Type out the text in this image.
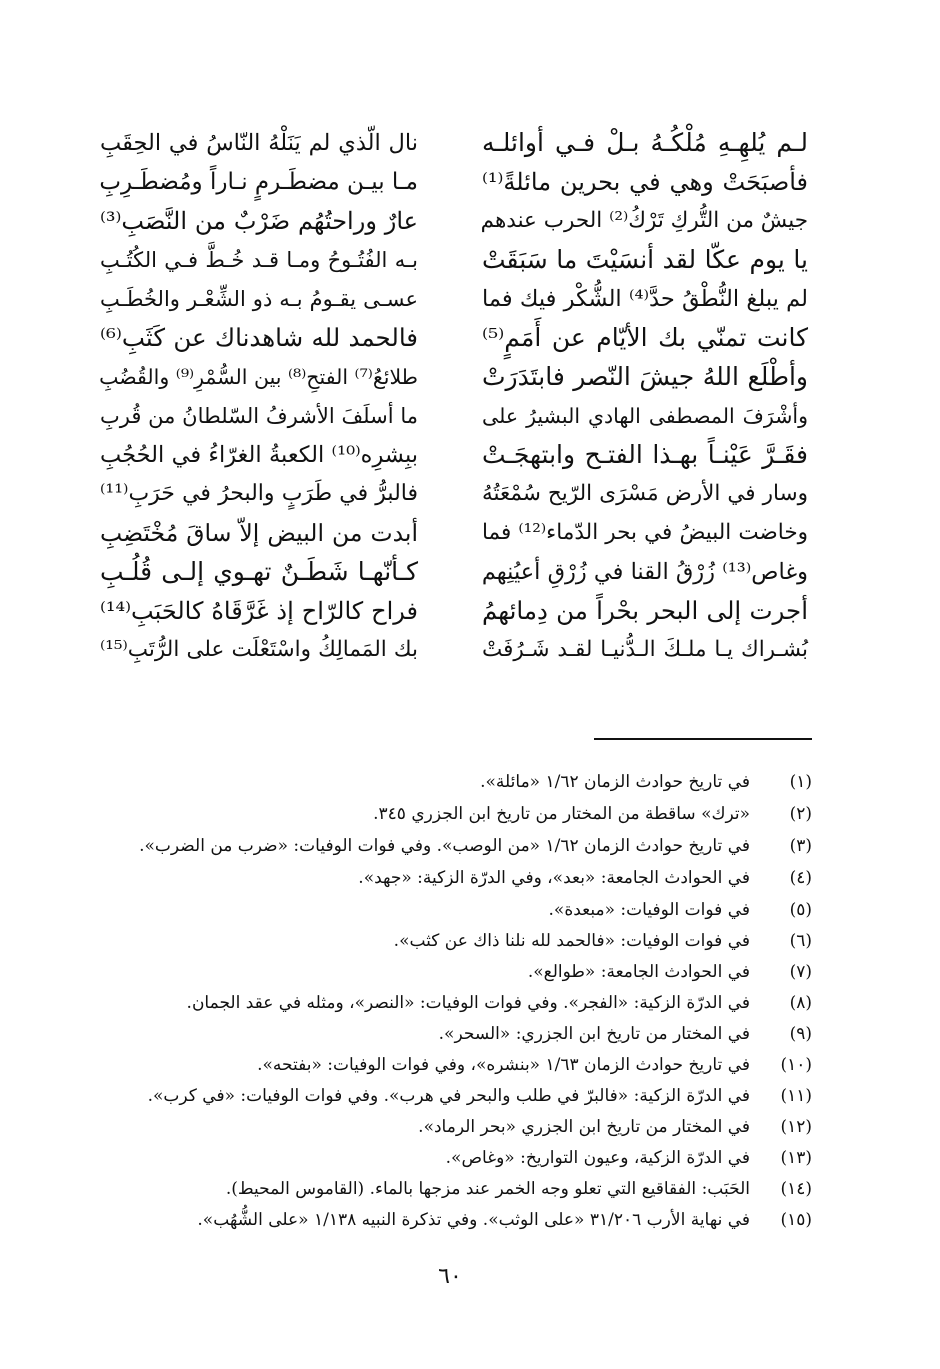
لـم يُلهِـهِ مُلْكُـهُ بـلْ فـي أوائلـه
نال الّذي لم يَنَلْهُ النّاسُ في الحِقَبِ
فأصبَحَتْ وهي في بحرين مائلةً⁽¹⁾
مـا بيـن مضطَـرمٍ نـاراً ومُضطَـرِبِ
جيشٌ من التُّركِ تَرْكُ⁽²⁾ الحرب عندهم
عارٌ وراحتُهُم ضَرْبٌ من النَّصَبِ⁽³⁾
يا يوم عكّا لقد أنسَيْتَ ما سَبَقَتْ
بـه الفُتُـوحُ ومـا قـد خُـطَّ فـي الكُتُـبِ
لم يبلغ النُّطْقُ حدَّ⁽⁴⁾ الشُّكْر فيك فما
عسـى يقـومُ بـه ذو الشِّعْـر والخُطَـبِ
كانت تمنّي بك الأيّام عن أَمَمٍ⁽⁵⁾
فالحمد لله شاهدناك عن كَثَبِ⁽⁶⁾
وأطْلَع اللهُ جيشَ النّصر فابتَدَرَتْ
طلائعُ⁽⁷⁾ الفتحِ⁽⁸⁾ بين السُّمْرِ⁽⁹⁾ والقُضُبِ
وأشْرَفَ المصطفى الهادي البشيرُ على
ما أسلَفَ الأشرفُ السّلطانُ من قُربِ
فقَـرَّ عَيْنـاً بهـذا الفتـح وابتهجَـتْ
ببِشرِه⁽¹⁰⁾ الكعبةُ الغرّاءُ في الحُجُبِ
وسار في الأرض مَسْرَى الرّيح سُمْعَتُهُ
فالبرُّ في طَرَبٍ والبحرُ في حَرَبِ⁽¹¹⁾
وخاضت البيضُ في بحر الدّماء⁽¹²⁾ فما
أبدت من البيض إلاّ ساقَ مُخْتَضِبِ
وغاص⁽¹³⁾ زُرْقُ القنا في زُرْقِ أعيُنِهم
كـأنّهـا شَطَـنٌ تهـوي إلـى قُلُـبِ
أجرت إلى البحر بحْراً من دِمائهمُ
فراح كالرّاح إذ غَرَّقَاهُ كالحَبَبِ⁽¹⁴⁾
بُشـراك يـا ملـكَ الـدُّنيـا لقـد شَـرُفَتْ
بك المَمالِكُ واسْتَعْلَت على الرُّتَبِ⁽¹⁵⁾
(١)في تاريخ حوادث الزمان ١/٦٢ «مائلة».
(٢)«ترك» ساقطة من المختار من تاريخ ابن الجزري ٣٤٥.
(٣)في تاريخ حوادث الزمان ١/٦٢ «من الوصب». وفي فوات الوفيات: «ضرب من الضرب».
(٤)في الحوادث الجامعة: «بعد»، وفي الدرّة الزكية: «جهد».
(٥)في فوات الوفيات: «مبعدة».
(٦)في فوات الوفيات: «فالحمد لله نلنا ذاك عن كثب».
(٧)في الحوادث الجامعة: «طوالع».
(٨)في الدرّة الزكية: «الفجر». وفي فوات الوفيات: «النصر»، ومثله في عقد الجمان.
(٩)في المختار من تاريخ ابن الجزري: «السحر».
(١٠)في تاريخ حوادث الزمان ١/٦٣ «بنشره»، وفي فوات الوفيات: «بفتحه».
(١١)في الدرّة الزكية: «فالبرّ في طلب والبحر في هرب». وفي فوات الوفيات: «في كرب».
(١٢)في المختار من تاريخ ابن الجزري «بحر الرماد».
(١٣)في الدرّة الزكية، وعيون التواريخ: «وغاص».
(١٤)الحَبَب: الفقاقيع التي تعلو وجه الخمر عند مزجها بالماء. (القاموس المحيط).
(١٥)في نهاية الأرب ٣١/٢٠٦ «على الوثب». وفي تذكرة النبيه ١/١٣٨ «على الشُّهُب».
٦٠
